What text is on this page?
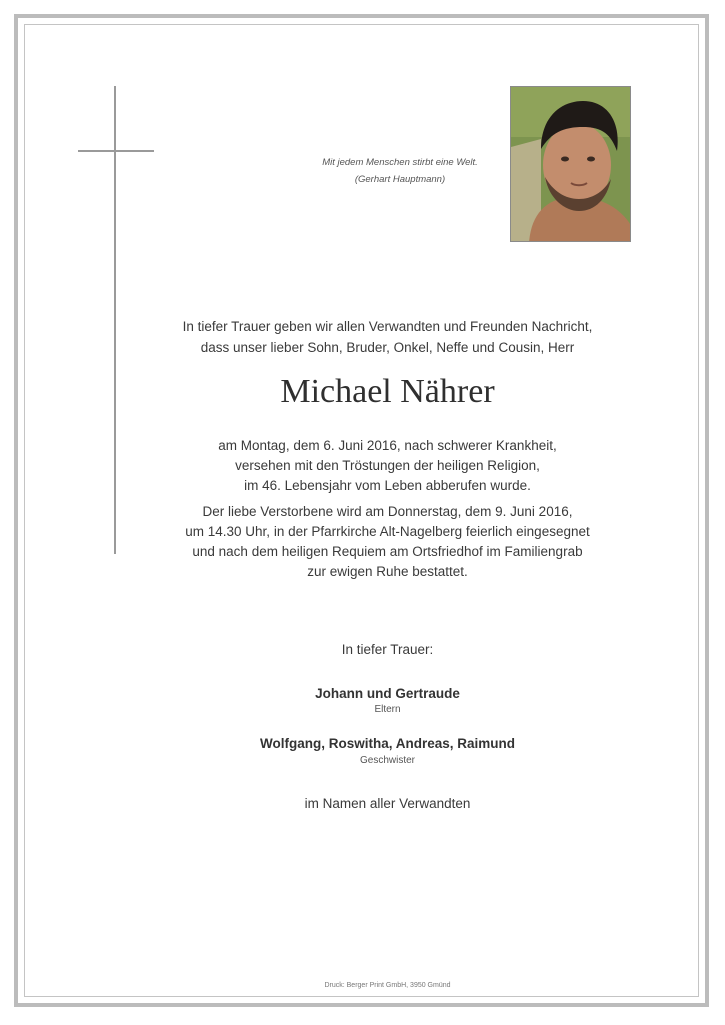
Mit jedem Menschen stirbt eine Welt.
(Gerhart Hauptmann)
In tiefer Trauer geben wir allen Verwandten und Freunden Nachricht,
dass unser lieber Sohn, Bruder, Onkel, Neffe und Cousin, Herr
Michael Nährer
am Montag, dem 6. Juni 2016, nach schwerer Krankheit,
versehen mit den Tröstungen der heiligen Religion,
im 46. Lebensjahr vom Leben abberufen wurde.
Der liebe Verstorbene wird am Donnerstag, dem 9. Juni 2016,
um 14.30 Uhr, in der Pfarrkirche Alt-Nagelberg feierlich eingesegnet
und nach dem heiligen Requiem am Ortsfriedhof im Familiengrab
zur ewigen Ruhe bestattet.
In tiefer Trauer:
Johann und Gertraude
Eltern
Wolfgang, Roswitha, Andreas, Raimund
Geschwister
im Namen aller Verwandten
Druck: Berger Print GmbH, 3950 Gmünd
